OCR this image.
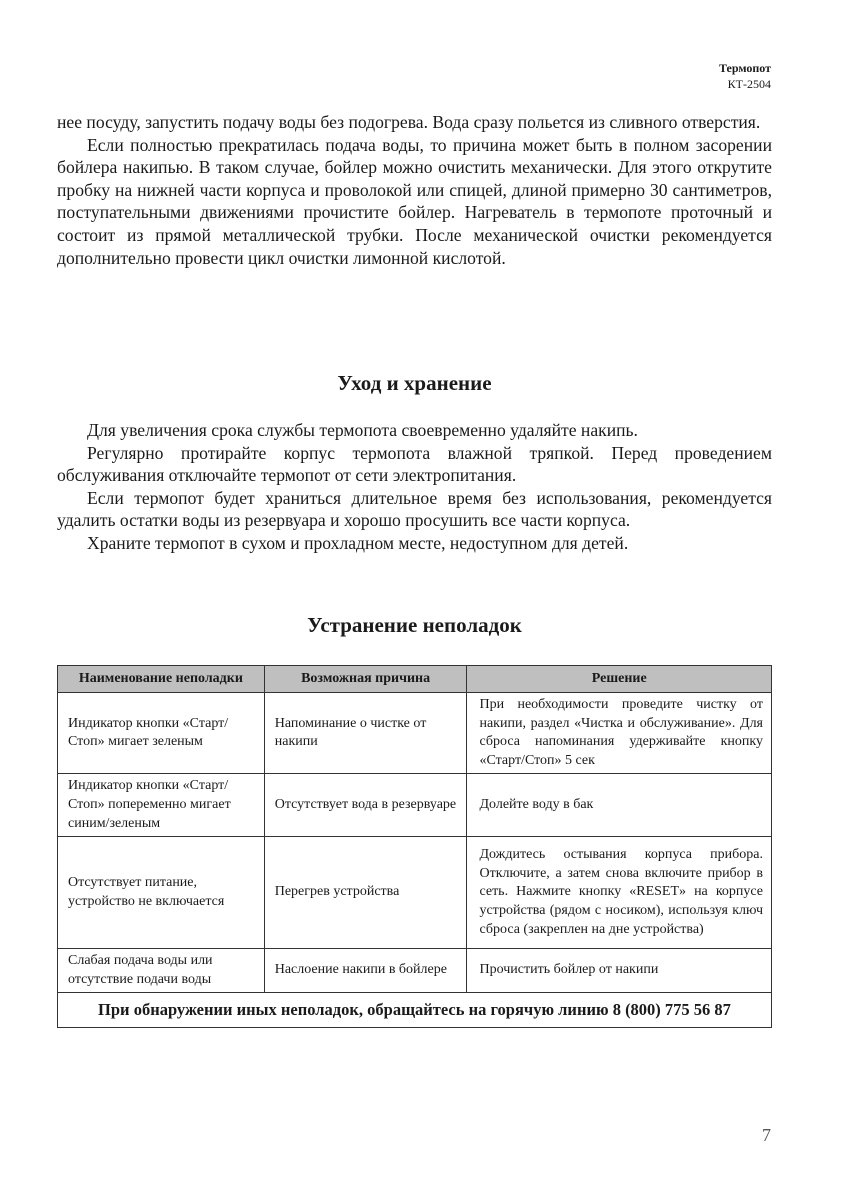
Термопот
КТ-2504

нее посуду, запустить подачу воды без подогрева. Вода сразу польется из сливного отверстия.

Если полностью прекратилась подача воды, то причина может быть в полном засорении бойлера накипью. В таком случае, бойлер можно очистить механически. Для этого открутите пробку на нижней части корпуса и проволокой или спицей, длиной примерно 30 сантиметров, поступательными движениями прочистите бойлер. Нагреватель в термопоте проточный и состоит из прямой металлической трубки. После механической очистки рекомендуется дополнительно провести цикл очистки лимонной кислотой.

Уход и хранение

Для увеличения срока службы термопота своевременно удаляйте накипь.

Регулярно протирайте корпус термопота влажной тряпкой. Перед проведением обслуживания отключайте термопот от сети электропитания.

Если термопот будет храниться длительное время без использования, рекомендуется удалить остатки воды из резервуара и хорошо просушить все части корпуса.

Храните термопот в сухом и прохладном месте, недоступном для детей.

Устранение неполадок
Наименование неполадки	Возможная причина	Решение
Индикатор кнопки «Старт/Стоп» мигает зеленым	Напоминание о чистке от накипи	При необходимости проведите чистку от накипи, раздел «Чистка и обслуживание». Для сброса напоминания удерживайте кнопку «Старт/Стоп» 5 сек
Индикатор кнопки «Старт/Стоп» попеременно мигает синим/зеленым	Отсутствует вода в резервуаре	Долейте воду в бак
Отсутствует питание, устройство не включается	Перегрев устройства	Дождитесь остывания корпуса прибора. Отключите, а затем снова включите прибор в сеть. Нажмите кнопку «RESET» на корпусе устройства (рядом с носиком), используя ключ сброса (закреплен на дне устройства)
Слабая подача воды или отсутствие подачи воды	Наслоение накипи в бойлере	Прочистить бойлер от накипи
При обнаружении иных неполадок, обращайтесь на горячую линию 8 (800) 775 56 87		
7
